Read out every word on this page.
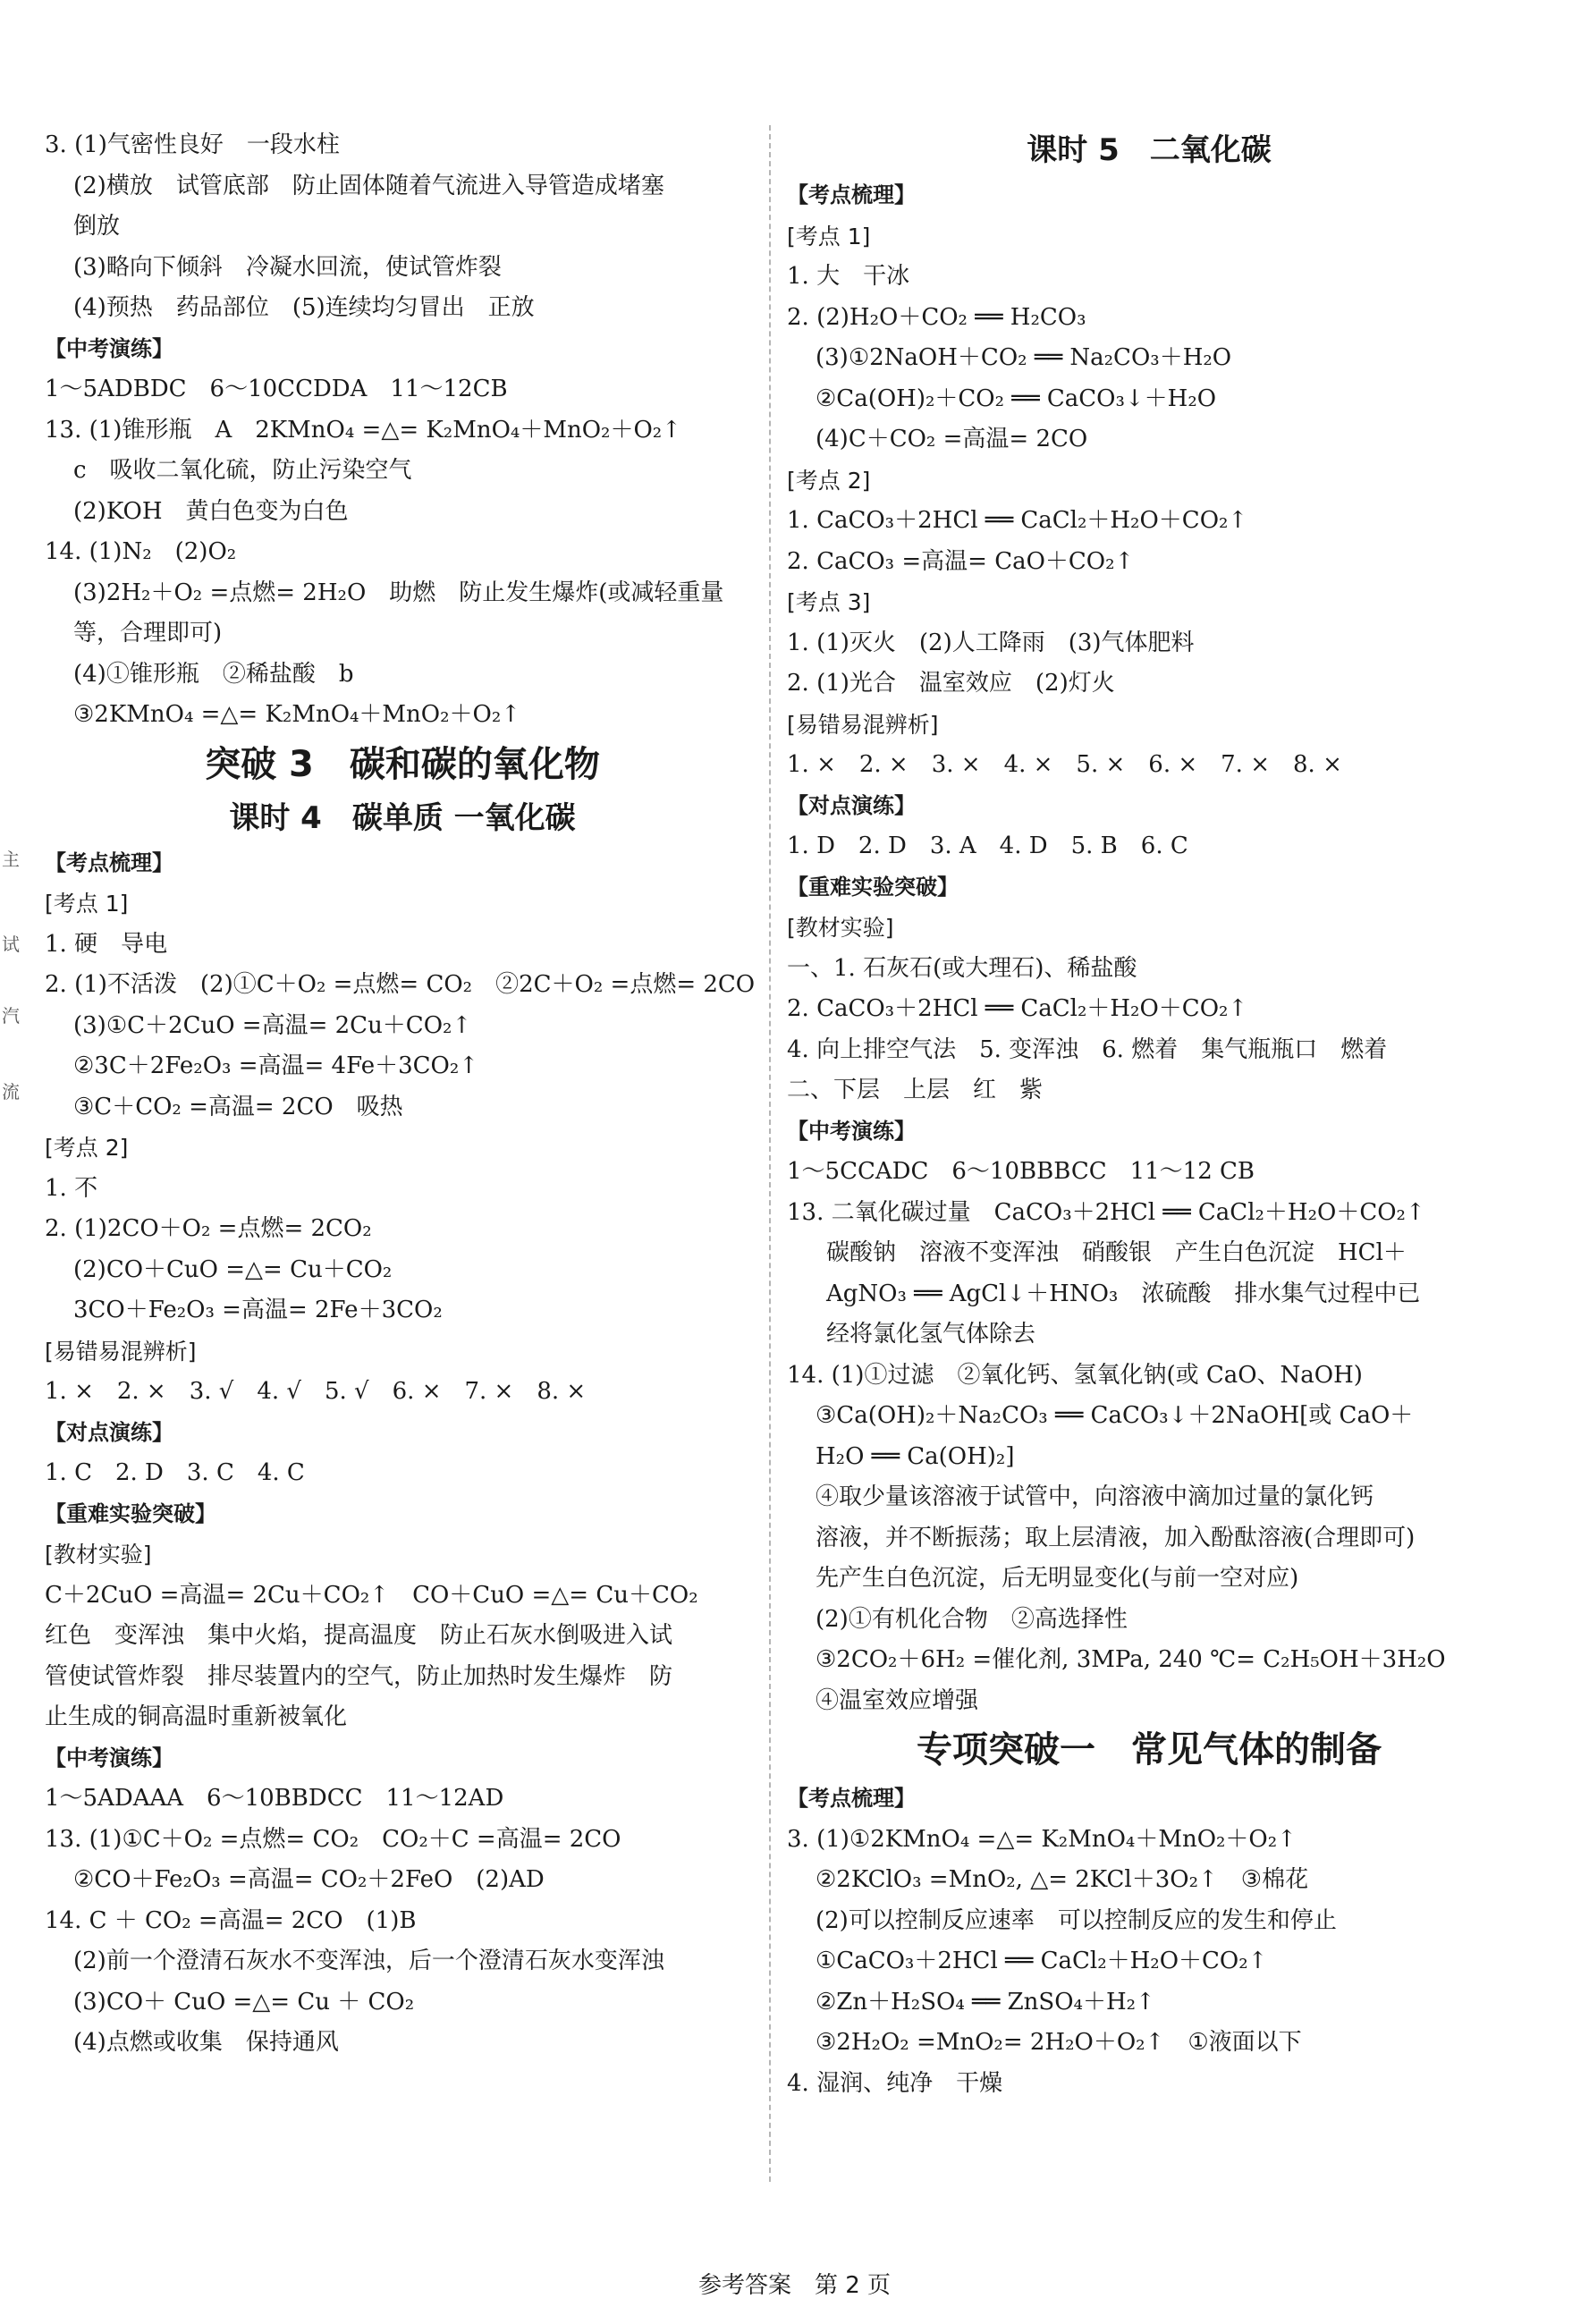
主
试
汽
流
3. (1)气密性良好　一段水柱
(2)横放　试管底部　防止固体随着气流进入导管造成堵塞
倒放
(3)略向下倾斜　冷凝水回流，使试管炸裂
(4)预热　药品部位　(5)连续均匀冒出　正放
【中考演练】
1～5ADBDC　6～10CCDDA　11～12CB
13. (1)锥形瓶　A　2KMnO₄ =△= K₂MnO₄＋MnO₂＋O₂↑
c　吸收二氧化硫，防止污染空气
(2)KOH　黄白色变为白色
14. (1)N₂　(2)O₂
(3)2H₂＋O₂ =点燃= 2H₂O　助燃　防止发生爆炸(或减轻重量
等，合理即可)
(4)①锥形瓶　②稀盐酸　b
③2KMnO₄ =△= K₂MnO₄＋MnO₂＋O₂↑
突破 3　碳和碳的氧化物
课时 4　碳单质 一氧化碳
【考点梳理】
[考点 1]
1. 硬　导电
2. (1)不活泼　(2)①C＋O₂ =点燃= CO₂　②2C＋O₂ =点燃= 2CO
(3)①C＋2CuO =高温= 2Cu＋CO₂↑
②3C＋2Fe₂O₃ =高温= 4Fe＋3CO₂↑
③C＋CO₂ =高温= 2CO　吸热
[考点 2]
1. 不
2. (1)2CO＋O₂ =点燃= 2CO₂
(2)CO＋CuO =△= Cu＋CO₂
3CO＋Fe₂O₃ =高温= 2Fe＋3CO₂
[易错易混辨析]
1. ×　2. ×　3. √　4. √　5. √　6. ×　7. ×　8. ×
【对点演练】
1. C　2. D　3. C　4. C
【重难实验突破】
[教材实验]
C＋2CuO =高温= 2Cu＋CO₂↑　CO＋CuO =△= Cu＋CO₂
红色　变浑浊　集中火焰，提高温度　防止石灰水倒吸进入试
管使试管炸裂　排尽装置内的空气，防止加热时发生爆炸　防
止生成的铜高温时重新被氧化
【中考演练】
1～5ADAAA　6～10BBDCC　11～12AD
13. (1)①C＋O₂ =点燃= CO₂　CO₂＋C =高温= 2CO
②CO＋Fe₂O₃ =高温= CO₂＋2FeO　(2)AD
14. C ＋ CO₂ =高温= 2CO　(1)B
(2)前一个澄清石灰水不变浑浊，后一个澄清石灰水变浑浊
(3)CO＋ CuO =△= Cu ＋ CO₂
(4)点燃或收集　保持通风
课时 5　二氧化碳
【考点梳理】
[考点 1]
1. 大　干冰
2. (2)H₂O＋CO₂ ══ H₂CO₃
(3)①2NaOH＋CO₂ ══ Na₂CO₃＋H₂O
②Ca(OH)₂＋CO₂ ══ CaCO₃↓＋H₂O
(4)C＋CO₂ =高温= 2CO
[考点 2]
1. CaCO₃＋2HCl ══ CaCl₂＋H₂O＋CO₂↑
2. CaCO₃ =高温= CaO＋CO₂↑
[考点 3]
1. (1)灭火　(2)人工降雨　(3)气体肥料
2. (1)光合　温室效应　(2)灯火
[易错易混辨析]
1. ×　2. ×　3. ×　4. ×　5. ×　6. ×　7. ×　8. ×
【对点演练】
1. D　2. D　3. A　4. D　5. B　6. C
【重难实验突破】
[教材实验]
一、1. 石灰石(或大理石)、稀盐酸
2. CaCO₃＋2HCl ══ CaCl₂＋H₂O＋CO₂↑
4. 向上排空气法　5. 变浑浊　6. 燃着　集气瓶瓶口　燃着
二、下层　上层　红　紫
【中考演练】
1～5CCADC　6～10BBBCC　11～12 CB
13. 二氧化碳过量　CaCO₃＋2HCl ══ CaCl₂＋H₂O＋CO₂↑
碳酸钠　溶液不变浑浊　硝酸银　产生白色沉淀　HCl＋
AgNO₃ ══ AgCl↓＋HNO₃　浓硫酸　排水集气过程中已
经将氯化氢气体除去
14. (1)①过滤　②氧化钙、氢氧化钠(或 CaO、NaOH)
③Ca(OH)₂＋Na₂CO₃ ══ CaCO₃↓＋2NaOH[或 CaO＋
H₂O ══ Ca(OH)₂]
④取少量该溶液于试管中，向溶液中滴加过量的氯化钙
溶液，并不断振荡；取上层清液，加入酚酞溶液(合理即可)
先产生白色沉淀，后无明显变化(与前一空对应)
(2)①有机化合物　②高选择性
③2CO₂＋6H₂ =催化剂, 3MPa, 240 ℃= C₂H₅OH＋3H₂O
④温室效应增强
专项突破一　常见气体的制备
【考点梳理】
3. (1)①2KMnO₄ =△= K₂MnO₄＋MnO₂＋O₂↑
②2KClO₃ =MnO₂, △= 2KCl＋3O₂↑　③棉花
(2)可以控制反应速率　可以控制反应的发生和停止
①CaCO₃＋2HCl ══ CaCl₂＋H₂O＋CO₂↑
②Zn＋H₂SO₄ ══ ZnSO₄＋H₂↑
③2H₂O₂ =MnO₂= 2H₂O＋O₂↑　①液面以下
4. 湿润、纯净　干燥
参考答案　第 2 页
